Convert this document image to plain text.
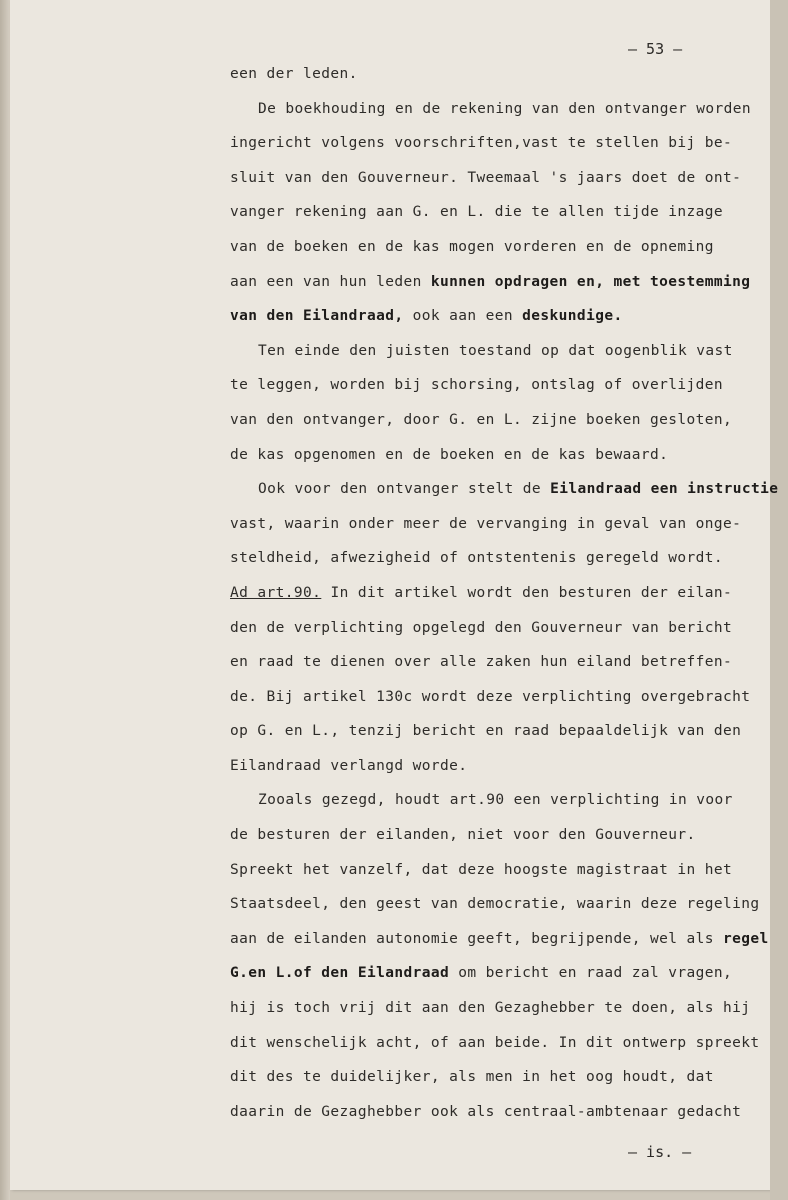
— 53 —
een der leden.
De boekhouding en de rekening van den ontvanger worden
ingericht volgens voorschriften,vast te stellen bij be-
sluit van den Gouverneur. Tweemaal 's jaars doet de ont-
vanger rekening aan G. en L. die te allen tijde inzage
van de boeken en de kas mogen vorderen en de opneming
aan een van hun leden kunnen opdragen en, met toestemming
van den Eilandraad, ook aan een deskundige.
Ten einde den juisten toestand op dat oogenblik vast
te leggen, worden bij schorsing, ontslag of overlijden
van den ontvanger, door G. en L. zijne boeken gesloten,
de kas opgenomen en de boeken en de kas bewaard.
Ook voor den ontvanger stelt de Eilandraad een instructie
vast, waarin onder meer de vervanging in geval van onge-
steldheid, afwezigheid of ontstentenis geregeld wordt.
Ad art.90. In dit artikel wordt den besturen der eilan-
den de verplichting opgelegd den Gouverneur van bericht
en raad te dienen over alle zaken hun eiland betreffen-
de. Bij artikel 130c wordt deze verplichting overgebracht
op G. en L., tenzij bericht en raad bepaaldelijk van den
Eilandraad verlangd worde.
Zooals gezegd, houdt art.90 een verplichting in voor
de besturen der eilanden, niet voor den Gouverneur.
Spreekt het vanzelf, dat deze hoogste magistraat in het
Staatsdeel, den geest van democratie, waarin deze regeling
aan de eilanden autonomie geeft, begrijpende, wel als regel
G.en L.of den Eilandraad om bericht en raad zal vragen,
hij is toch vrij dit aan den Gezaghebber te doen, als hij
dit wenschelijk acht, of aan beide. In dit ontwerp spreekt
dit des te duidelijker, als men in het oog houdt, dat
daarin de Gezaghebber ook als centraal-ambtenaar gedacht
— is. —
